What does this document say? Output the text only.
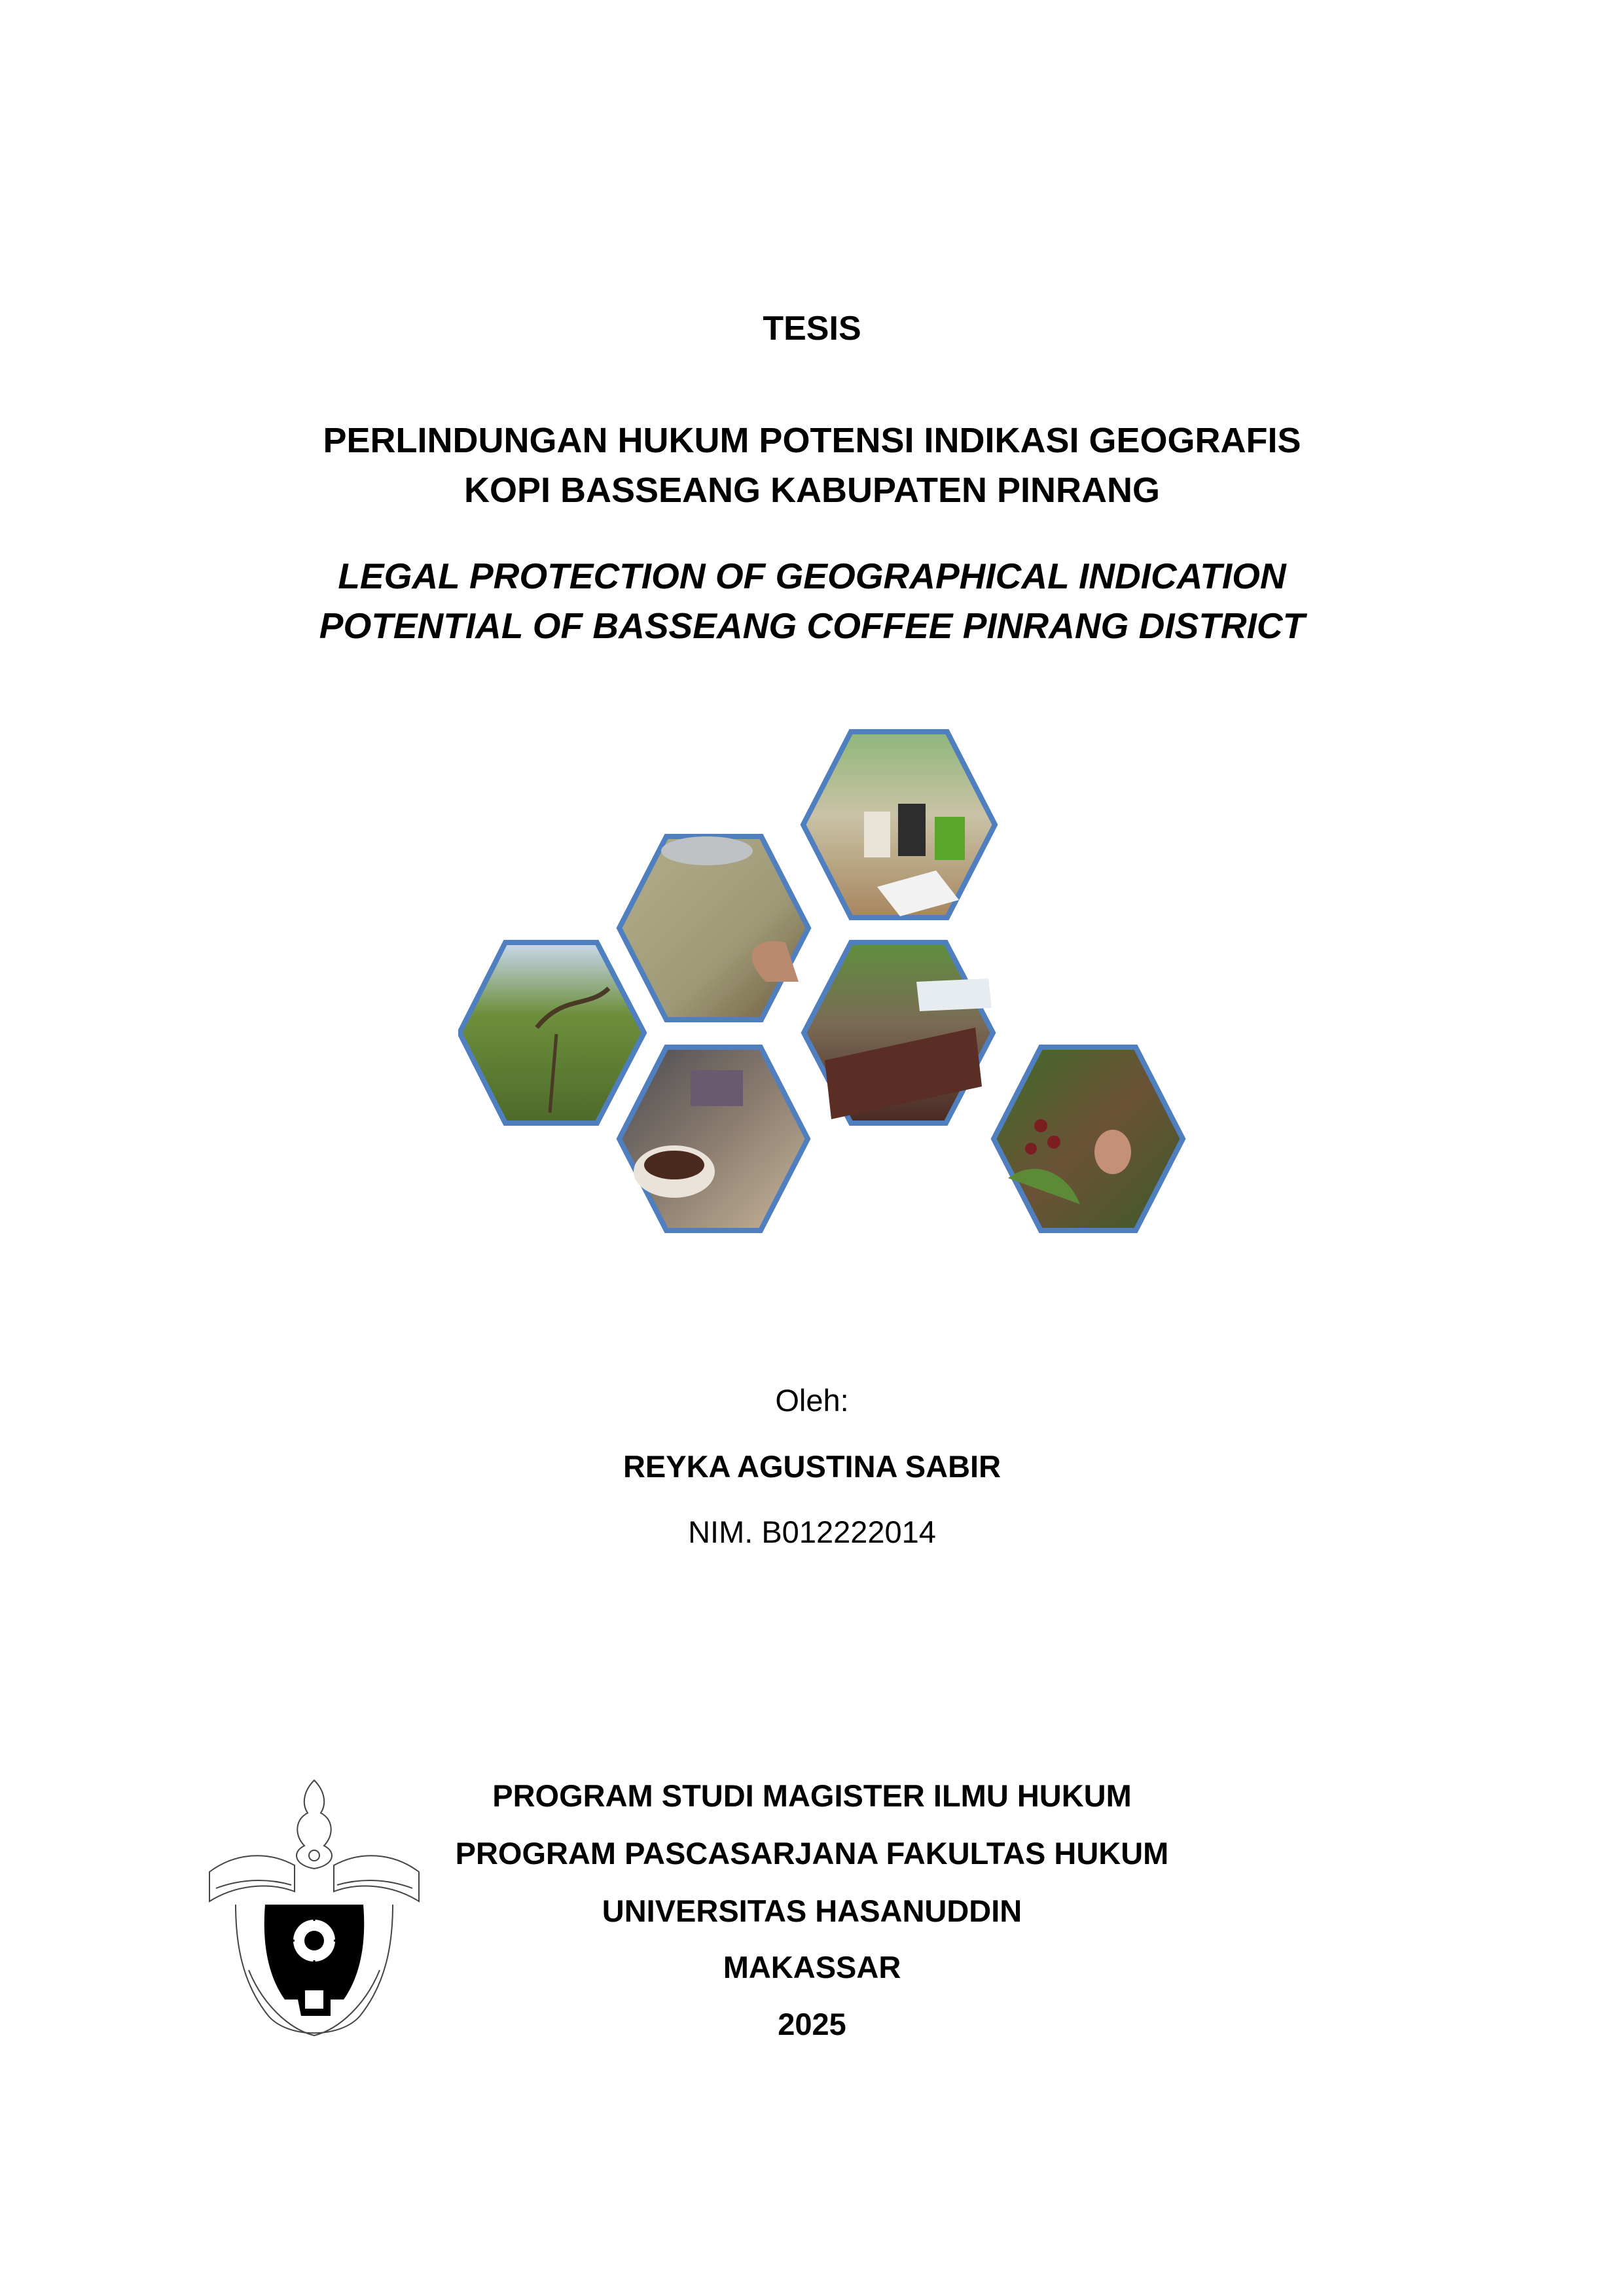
TESIS
PERLINDUNGAN HUKUM POTENSI INDIKASI GEOGRAFIS
KOPI BASSEANG KABUPATEN PINRANG
LEGAL PROTECTION OF GEOGRAPHICAL INDICATION
POTENTIAL OF BASSEANG COFFEE PINRANG DISTRICT
Oleh:
REYKA AGUSTINA SABIR
NIM. B012222014
PROGRAM STUDI MAGISTER ILMU HUKUM
PROGRAM PASCASARJANA FAKULTAS HUKUM
UNIVERSITAS HASANUDDIN
MAKASSAR
2025
